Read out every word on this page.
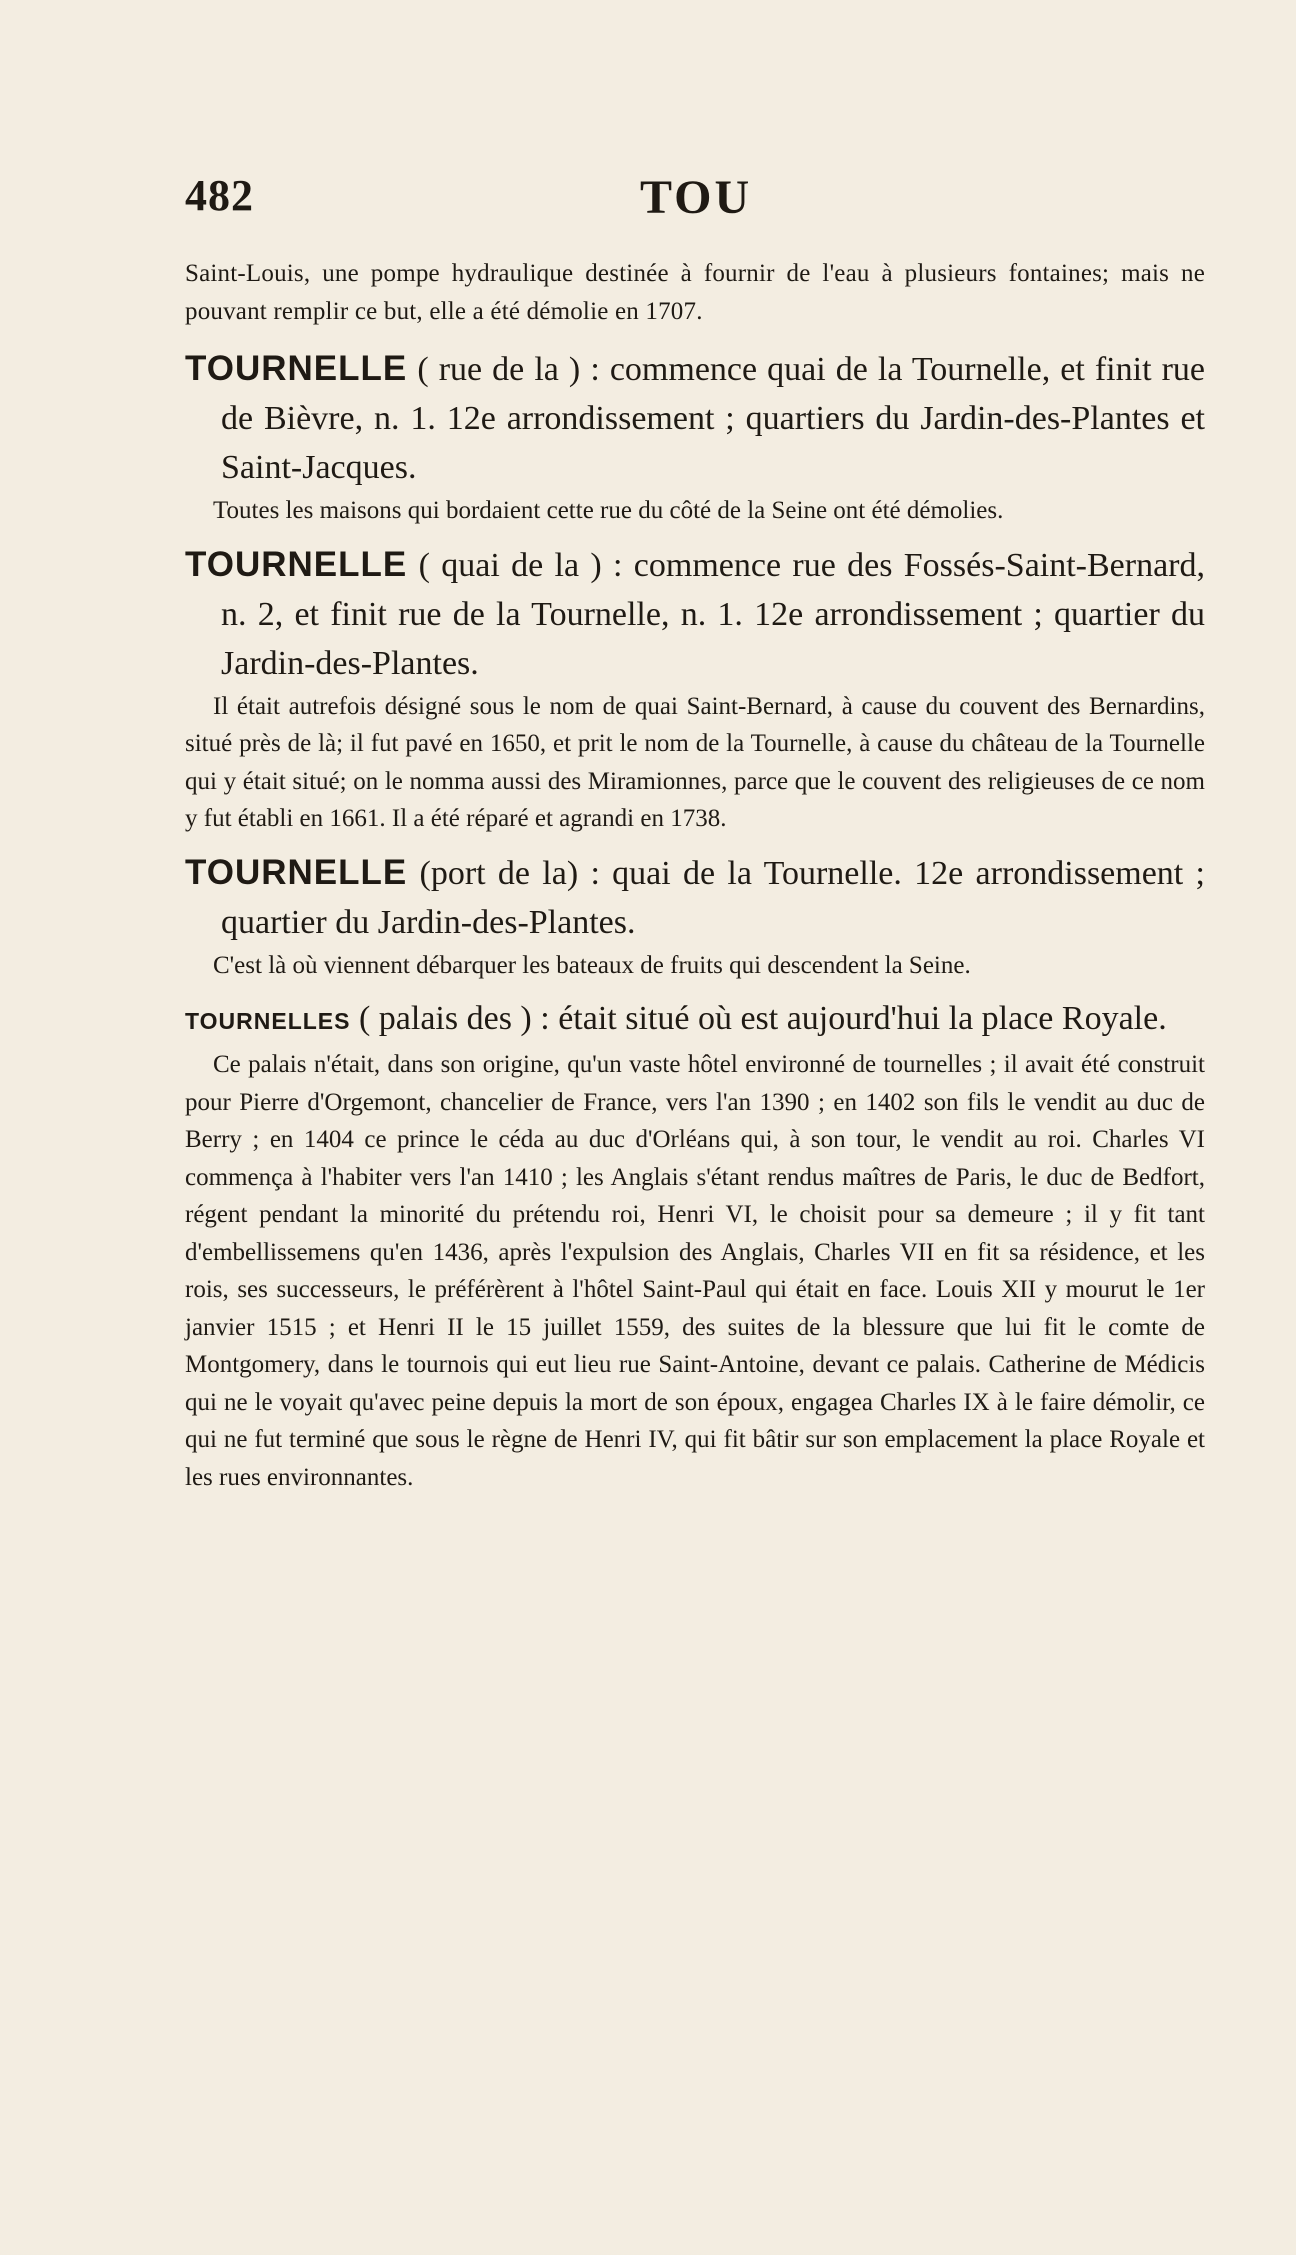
482	TOU

Saint-Louis, une pompe hydraulique destinée à fournir de l'eau à plusieurs fontaines; mais ne pouvant remplir ce but, elle a été démolie en 1707.

TOURNELLE ( rue de la ) : commence quai de la Tournelle, et finit rue de Bièvre, n. 1. 12e arrondissement ; quartiers du Jardin-des-Plantes et Saint-Jacques.

Toutes les maisons qui bordaient cette rue du côté de la Seine ont été démolies.

TOURNELLE ( quai de la ) : commence rue des Fossés-Saint-Bernard, n. 2, et finit rue de la Tournelle, n. 1. 12e arrondissement ; quartier du Jardin-des-Plantes.

Il était autrefois désigné sous le nom de quai Saint-Bernard, à cause du couvent des Bernardins, situé près de là; il fut pavé en 1650, et prit le nom de la Tournelle, à cause du château de la Tournelle qui y était situé; on le nomma aussi des Miramionnes, parce que le couvent des religieuses de ce nom y fut établi en 1661. Il a été réparé et agrandi en 1738.

TOURNELLE (port de la) : quai de la Tournelle. 12e arrondissement ; quartier du Jardin-des-Plantes.

C'est là où viennent débarquer les bateaux de fruits qui descendent la Seine.

TOURNELLES ( palais des ) : était situé où est aujourd'hui la place Royale.

Ce palais n'était, dans son origine, qu'un vaste hôtel environné de tournelles ; il avait été construit pour Pierre d'Orgemont, chancelier de France, vers l'an 1390 ; en 1402 son fils le vendit au duc de Berry ; en 1404 ce prince le céda au duc d'Orléans qui, à son tour, le vendit au roi. Charles VI commença à l'habiter vers l'an 1410 ; les Anglais s'étant rendus maîtres de Paris, le duc de Bedfort, régent pendant la minorité du prétendu roi, Henri VI, le choisit pour sa demeure ; il y fit tant d'embellissemens qu'en 1436, après l'expulsion des Anglais, Charles VII en fit sa résidence, et les rois, ses successeurs, le préférèrent à l'hôtel Saint-Paul qui était en face. Louis XII y mourut le 1er janvier 1515 ; et Henri II le 15 juillet 1559, des suites de la blessure que lui fit le comte de Montgomery, dans le tournois qui eut lieu rue Saint-Antoine, devant ce palais. Catherine de Médicis qui ne le voyait qu'avec peine depuis la mort de son époux, engagea Charles IX à le faire démolir, ce qui ne fut terminé que sous le règne de Henri IV, qui fit bâtir sur son emplacement la place Royale et les rues environnantes.
